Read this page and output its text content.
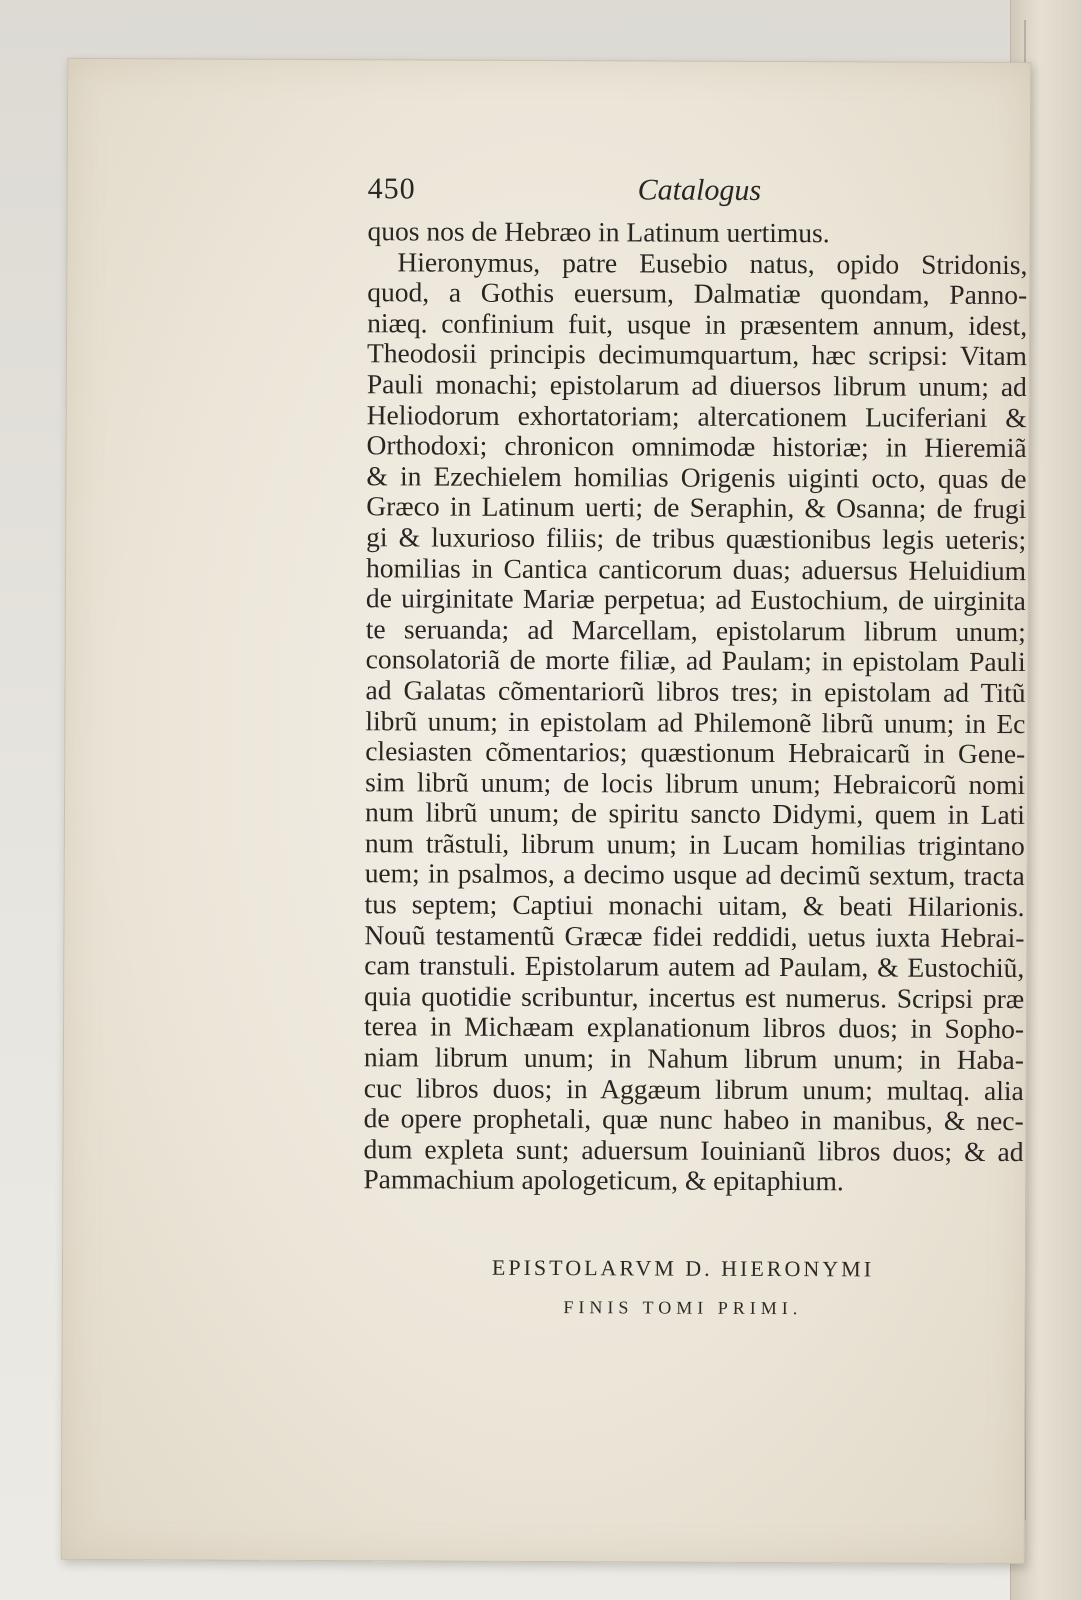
450	Catalogus
quos nos de Hebræo in Latinum uertimus.
Hieronymus, patre Eusebio natus, opido Stridonis,
quod, a Gothis euersum, Dalmatiæ quondam, Panno-
niæq. confinium fuit, usque in præsentem annum, idest,
Theodosii principis decimumquartum, hæc scripsi: Vitam
Pauli monachi; epistolarum ad diuersos librum unum; ad
Heliodorum exhortatoriam; altercationem Luciferiani &
Orthodoxi; chronicon omnimodæ historiæ; in Hieremiã
& in Ezechielem homilias Origenis uiginti octo, quas de
Græco in Latinum uerti; de Seraphin, & Osanna; de frugi
gi & luxurioso filiis; de tribus quæstionibus legis ueteris;
homilias in Cantica canticorum duas; aduersus Heluidium
de uirginitate Mariæ perpetua; ad Eustochium, de uirginita
te seruanda; ad Marcellam, epistolarum librum unum;
consolatoriã de morte filiæ, ad Paulam; in epistolam Pauli
ad Galatas cõmentariorũ libros tres; in epistolam ad Titũ
librũ unum; in epistolam ad Philemonẽ librũ unum; in Ec
clesiasten cõmentarios; quæstionum Hebraicarũ in Gene-
sim librũ unum; de locis librum unum; Hebraicorũ nomi
num librũ unum; de spiritu sancto Didymi, quem in Lati
num trãstuli, librum unum; in Lucam homilias trigintano
uem; in psalmos, a decimo usque ad decimũ sextum, tracta
tus septem; Captiui monachi uitam, & beati Hilarionis.
Nouũ testamentũ Græcæ fidei reddidi, uetus iuxta Hebrai-
cam transtuli. Epistolarum autem ad Paulam, & Eustochiũ,
quia quotidie scribuntur, incertus est numerus. Scripsi præ
terea in Michæam explanationum libros duos; in Sopho-
niam librum unum; in Nahum librum unum; in Haba-
cuc libros duos; in Aggæum librum unum; multaq. alia
de opere prophetali, quæ nunc habeo in manibus, & nec-
dum expleta sunt; aduersum Iouinianũ libros duos; & ad
Pammachium apologeticum, & epitaphium.
EPISTOLARVM D. HIERONYMI
FINIS TOMI PRIMI.
